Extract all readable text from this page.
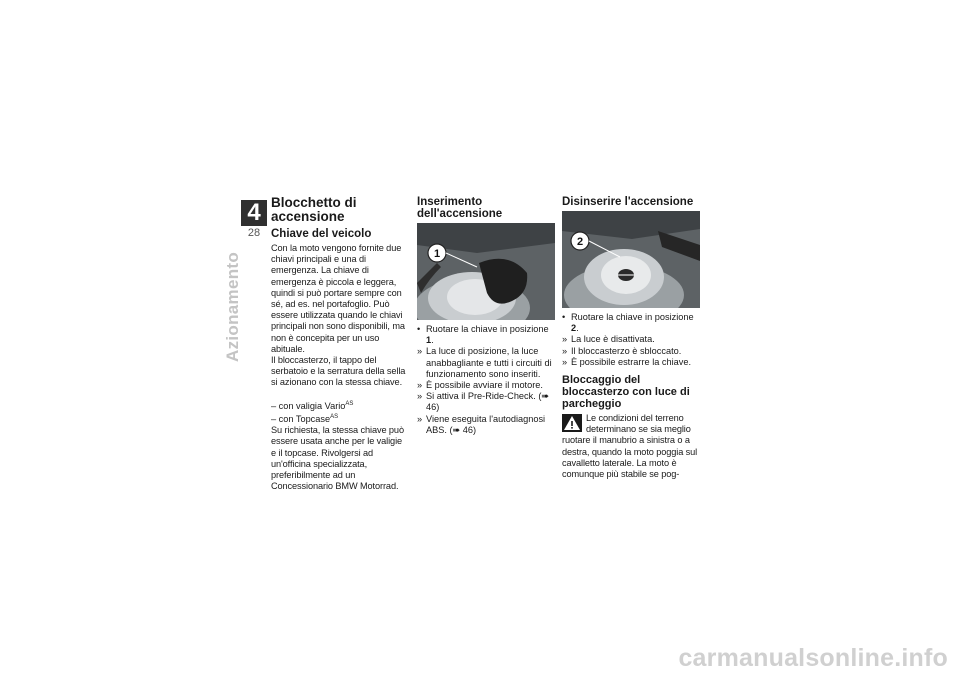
4
28
Azionamento
Blocchetto di accensione
Chiave del veicolo

Con la moto vengono fornite due chiavi principali e una di emergenza. La chiave di emergenza è piccola e leggera, quindi si può portare sempre con sé, ad es. nel portafoglio. Può essere utilizzata quando le chiavi principali non sono disponibili, ma non è concepita per un uso abituale.

Il bloccasterzo, il tappo del serbatoio e la serratura della sella si azionano con la stessa chiave.

– con valigia Vario$^{AS}$
– con Topcase$^{AS}$

Su richiesta, la stessa chiave può essere usata anche per le valigie e il topcase. Rivolgersi ad un'officina specializzata, preferibilmente ad un Concessionario BMW Motorrad.

Inserimento dell'accensione
1
• Ruotare la chiave in posizione 1.
» La luce di posizione, la luce anabbagliante e tutti i circuiti di funzionamento sono inseriti.
» È possibile avviare il motore.
» Si attiva il Pre-Ride-Check. (➠ 46)
» Viene eseguita l'autodiagnosi ABS. (➠ 46)
Disinserire l'accensione
2
• Ruotare la chiave in posizione 2.
» La luce è disattivata.
» Il bloccasterzo è sbloccato.
» È possibile estrarre la chiave.
Bloccaggio del bloccasterzo con luce di parcheggio

Le condizioni del terreno determinano se sia meglio ruotare il manubrio a sinistra o a destra, quando la moto poggia sul cavalletto laterale. La moto è comunque più stabile se pog-

carmanualsonline.info
